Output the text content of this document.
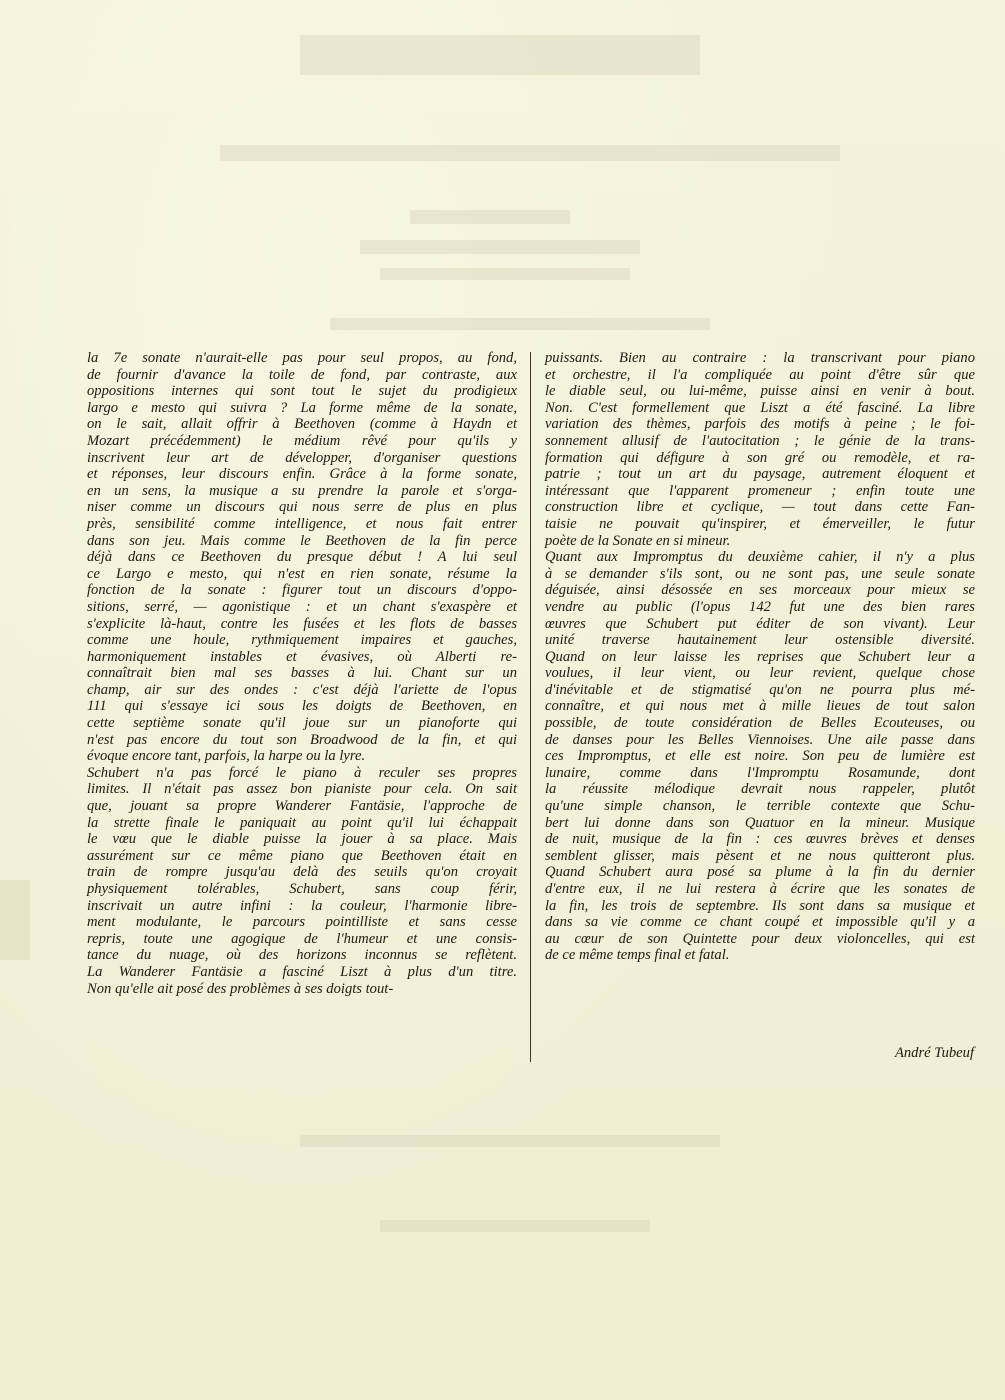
la 7e sonate n'aurait-elle pas pour seul propos, au fond,
de fournir d'avance la toile de fond, par contraste, aux
oppositions internes qui sont tout le sujet du prodigieux
largo e mesto qui suivra ? La forme même de la sonate,
on le sait, allait offrir à Beethoven (comme à Haydn et
Mozart précédemment) le médium rêvé pour qu'ils y
inscrivent leur art de développer, d'organiser questions
et réponses, leur discours enfin. Grâce à la forme sonate,
en un sens, la musique a su prendre la parole et s'orga-
niser comme un discours qui nous serre de plus en plus
près, sensibilité comme intelligence, et nous fait entrer
dans son jeu. Mais comme le Beethoven de la fin perce
déjà dans ce Beethoven du presque début ! A lui seul
ce Largo e mesto, qui n'est en rien sonate, résume la
fonction de la sonate : figurer tout un discours d'oppo-
sitions, serré, — agonistique : et un chant s'exaspère et
s'explicite là-haut, contre les fusées et les flots de basses
comme une houle, rythmiquement impaires et gauches,
harmoniquement instables et évasives, où Alberti re-
connaîtrait bien mal ses basses à lui. Chant sur un
champ, air sur des ondes : c'est déjà l'ariette de l'opus
111 qui s'essaye ici sous les doigts de Beethoven, en
cette septième sonate qu'il joue sur un pianoforte qui
n'est pas encore du tout son Broadwood de la fin, et qui
évoque encore tant, parfois, la harpe ou la lyre.
Schubert n'a pas forcé le piano à reculer ses propres
limites. Il n'était pas assez bon pianiste pour cela. On sait
que, jouant sa propre Wanderer Fantäsie, l'approche de
la strette finale le paniquait au point qu'il lui échappait
le vœu que le diable puisse la jouer à sa place. Mais
assurément sur ce même piano que Beethoven était en
train de rompre jusqu'au delà des seuils qu'on croyait
physiquement tolérables, Schubert, sans coup férir,
inscrivait un autre infini : la couleur, l'harmonie libre-
ment modulante, le parcours pointilliste et sans cesse
repris, toute une agogique de l'humeur et une consis-
tance du nuage, où des horizons inconnus se reflètent.
La Wanderer Fantäsie a fasciné Liszt à plus d'un titre.
Non qu'elle ait posé des problèmes à ses doigts tout-
puissants. Bien au contraire : la transcrivant pour piano
et orchestre, il l'a compliquée au point d'être sûr que
le diable seul, ou lui-même, puisse ainsi en venir à bout.
Non. C'est formellement que Liszt a été fasciné. La libre
variation des thèmes, parfois des motifs à peine ; le foi-
sonnement allusif de l'autocitation ; le génie de la trans-
formation qui défigure à son gré ou remodèle, et ra-
patrie ; tout un art du paysage, autrement éloquent et
intéressant que l'apparent promeneur ; enfin toute une
construction libre et cyclique, — tout dans cette Fan-
taisie ne pouvait qu'inspirer, et émerveiller, le futur
poète de la Sonate en si mineur.
Quant aux Impromptus du deuxième cahier, il n'y a plus
à se demander s'ils sont, ou ne sont pas, une seule sonate
déguisée, ainsi désossée en ses morceaux pour mieux se
vendre au public (l'opus 142 fut une des bien rares
œuvres que Schubert put éditer de son vivant). Leur
unité traverse hautainement leur ostensible diversité.
Quand on leur laisse les reprises que Schubert leur a
voulues, il leur vient, ou leur revient, quelque chose
d'inévitable et de stigmatisé qu'on ne pourra plus mé-
connaître, et qui nous met à mille lieues de tout salon
possible, de toute considération de Belles Ecouteuses, ou
de danses pour les Belles Viennoises. Une aile passe dans
ces Impromptus, et elle est noire. Son peu de lumière est
lunaire, comme dans l'Impromptu Rosamunde, dont
la réussite mélodique devrait nous rappeler, plutôt
qu'une simple chanson, le terrible contexte que Schu-
bert lui donne dans son Quatuor en la mineur. Musique
de nuit, musique de la fin : ces œuvres brèves et denses
semblent glisser, mais pèsent et ne nous quitteront plus.
Quand Schubert aura posé sa plume à la fin du dernier
d'entre eux, il ne lui restera à écrire que les sonates de
la fin, les trois de septembre. Ils sont dans sa musique et
dans sa vie comme ce chant coupé et impossible qu'il y a
au cœur de son Quintette pour deux violoncelles, qui est
de ce même temps final et fatal.
André Tubeuf
